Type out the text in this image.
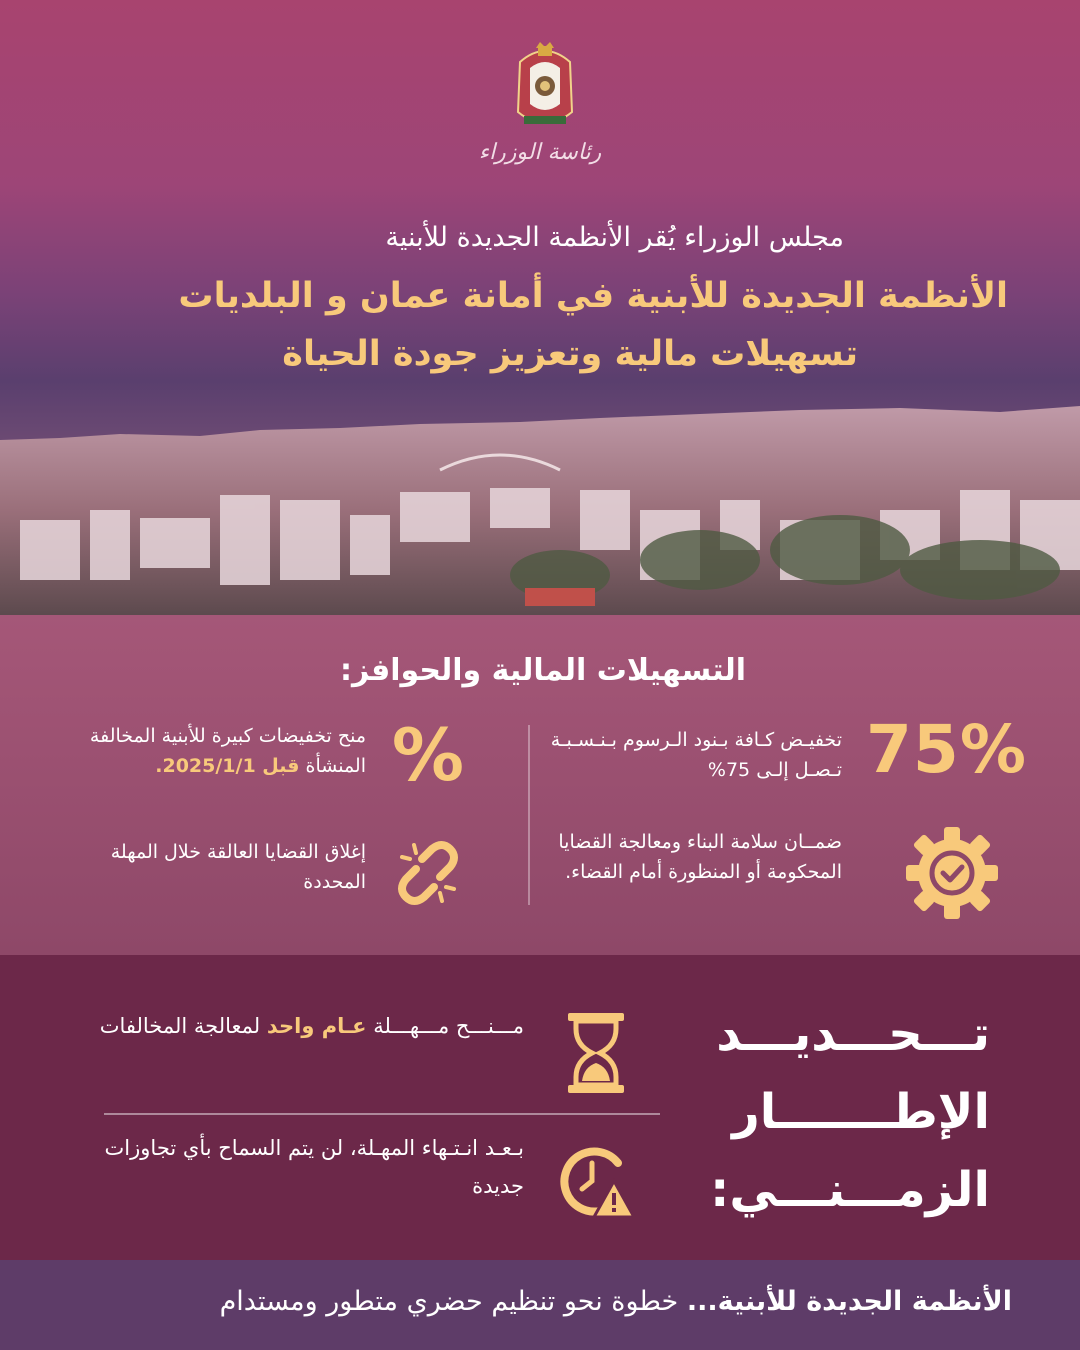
رئاسة الوزراء
مجلس الوزراء يُقر الأنظمة الجديدة للأبنية
الأنظمة الجديدة للأبنية في أمانة عمان و البلديات
تسهيلات مالية وتعزيز جودة الحياة
التسهيلات المالية والحوافز:
75%
تخفيـض كـافة بـنود الـرسوم بـنـسـبـة تـصـل إلـى 75%
ضمــان سلامة البناء ومعالجة القضايا المحكومة أو المنظورة أمام القضاء.
%
منح تخفيضات كبيرة للأبنية المخالفة المنشأة قبل 2025/1/1.
إغلاق القضايا العالقة خلال المهلة المحددة
تـــحـــديـــد
الإطـــــــار
الزمـــنـــي:
مـــنـــح مـــهـــلة عـام واحد لمعالجة المخالفات
بـعـد انـتـهاء المهـلة، لن يتم السماح بأي تجاوزات جديدة
الأنظمة الجديدة للأبنية... خطوة نحو تنظيم حضري متطور ومستدام
